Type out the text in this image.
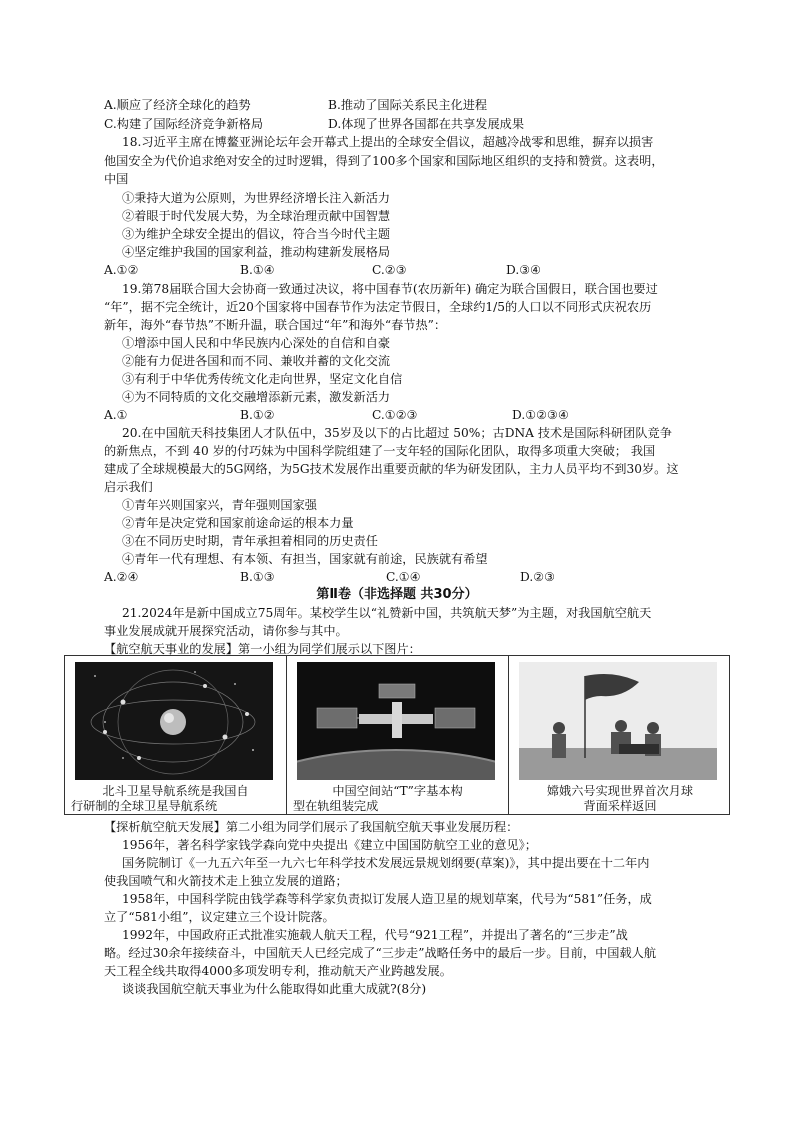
A.顺应了经济全球化的趋势	B.推动了国际关系民主化进程
C.构建了国际经济竞争新格局	D.体现了世界各国都在共享发展成果
18.习近平主席在博鳌亚洲论坛年会开幕式上提出的全球安全倡议，超越冷战零和思维，摒弃以损害
他国安全为代价追求绝对安全的过时逻辑，得到了100多个国家和国际地区组织的支持和赞赏。这表明，
中国
①秉持大道为公原则，为世界经济增长注入新活力
②着眼于时代发展大势，为全球治理贡献中国智慧
③为维护全球安全提出的倡议，符合当今时代主题
④坚定维护我国的国家利益，推动构建新发展格局
A.①②	B.①④	C.②③	D.③④
19.第78届联合国大会协商一致通过决议，将中国春节(农历新年) 确定为联合国假日，联合国也要过
“年”，据不完全统计，近20个国家将中国春节作为法定节假日，全球约1/5的人口以不同形式庆祝农历
新年，海外“春节热”不断升温，联合国过“年”和海外“春节热”：
①增添中国人民和中华民族内心深处的自信和自豪
②能有力促进各国和而不同、兼收并蓄的文化交流
③有利于中华优秀传统文化走向世界，坚定文化自信
④为不同特质的文化交融增添新元素，激发新活力
A.①	B.①②	C.①②③	D.①②③④
20.在中国航天科技集团人才队伍中，35岁及以下的占比超过 50%；古DNA 技术是国际科研团队竞争
的新焦点，不到 40 岁的付巧妹为中国科学院组建了一支年轻的国际化团队，取得多项重大突破； 我国
建成了全球规模最大的5G网络，为5G技术发展作出重要贡献的华为研发团队，主力人员平均不到30岁。这
启示我们
①青年兴则国家兴，青年强则国家强
②青年是决定党和国家前途命运的根本力量
③在不同历史时期，青年承担着相同的历史责任
④青年一代有理想、有本领、有担当，国家就有前途，民族就有希望
A.②④	B.①③	C.①④	D.②③
第Ⅱ卷（非选择题 共30分）
21.2024年是新中国成立75周年。某校学生以“礼赞新中国，共筑航天梦”为主题，对我国航空航天
事业发展成就开展探究活动，请你参与其中。
【航空航天事业的发展】第一小组为同学们展示以下图片：
北斗卫星导航系统是我国自
行研制的全球卫星导航系统
中国空间站“T”字基本构
型在轨组装完成
嫦娥六号实现世界首次月球
背面采样返回
【探析航空航天发展】第二小组为同学们展示了我国航空航天事业发展历程：
1956年，著名科学家钱学森向党中央提出《建立中国国防航空工业的意见》；
国务院制订《一九五六年至一九六七年科学技术发展远景规划纲要(草案)》，其中提出要在十二年内
使我国喷气和火箭技术走上独立发展的道路；
1958年，中国科学院由钱学森等科学家负责拟订发展人造卫星的规划草案，代号为“581”任务，成
立了“581小组”，议定建立三个设计院落。
1992年，中国政府正式批准实施载人航天工程，代号“921工程”，并提出了著名的“三步走”战
略。经过30余年接续奋斗，中国航天人已经完成了“三步走”战略任务中的最后一步。目前，中国载人航
天工程全线共取得4000多项发明专利，推动航天产业跨越发展。
谈谈我国航空航天事业为什么能取得如此重大成就?(8分)
